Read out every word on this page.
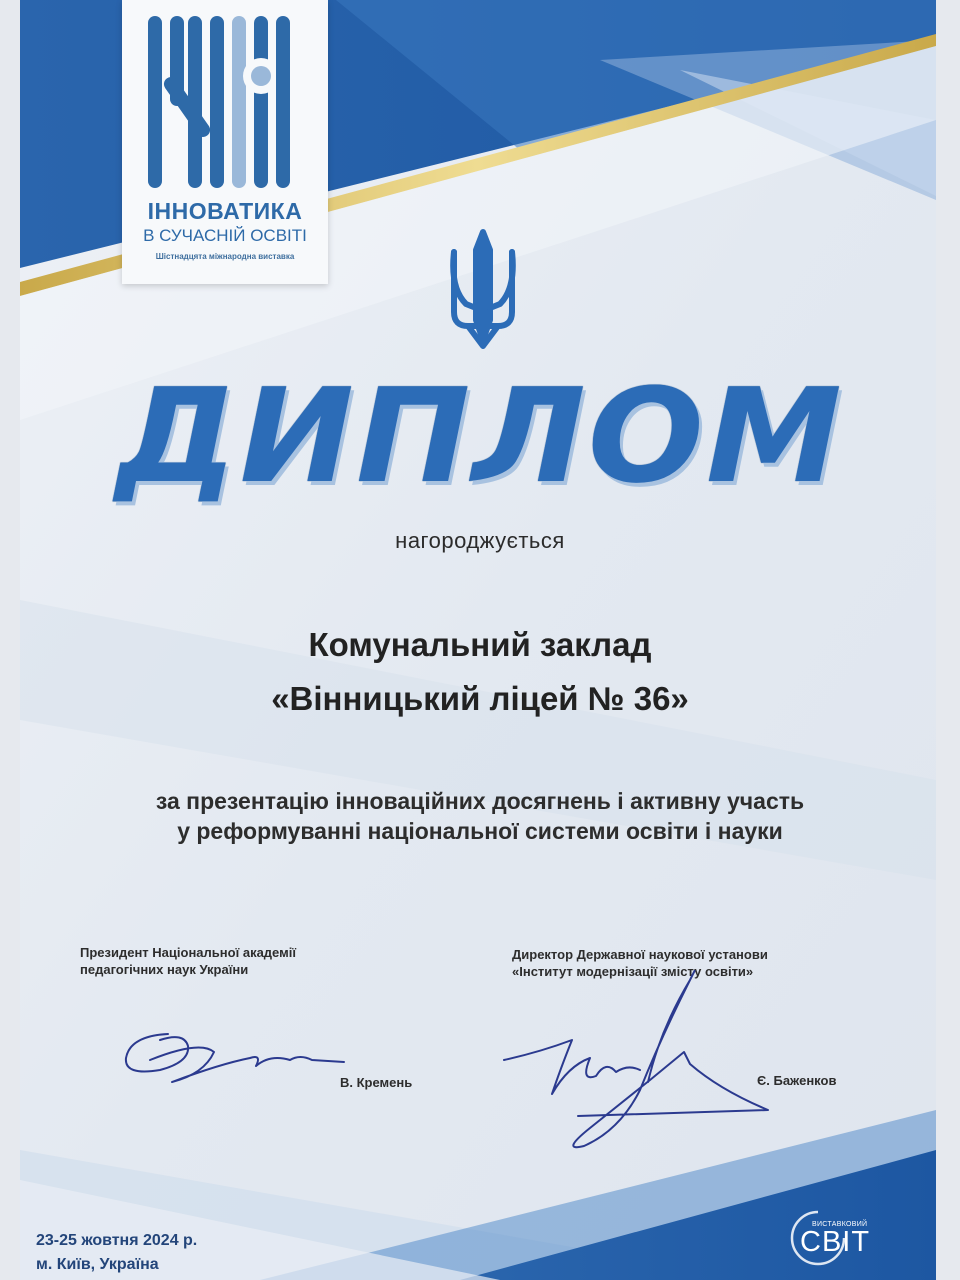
ІННОВАТИКА
В СУЧАСНІЙ ОСВІТІ
Шістнадцята міжнародна виставка
ДИПЛОМ
нагороджується
Комунальний заклад
«Вінницький ліцей № 36»
за презентацію інноваційних досягнень і активну участь
у реформуванні національної системи освіти і науки
Президент Національної академії
педагогічних наук України
Директор Державної наукової установи
«Інститут модернізації змісту освіти»
В. Кремень	Є. Баженков
23-25 жовтня 2024 р.
м. Київ, Україна
ВИСТАВКОВИЙ
СВІТ
